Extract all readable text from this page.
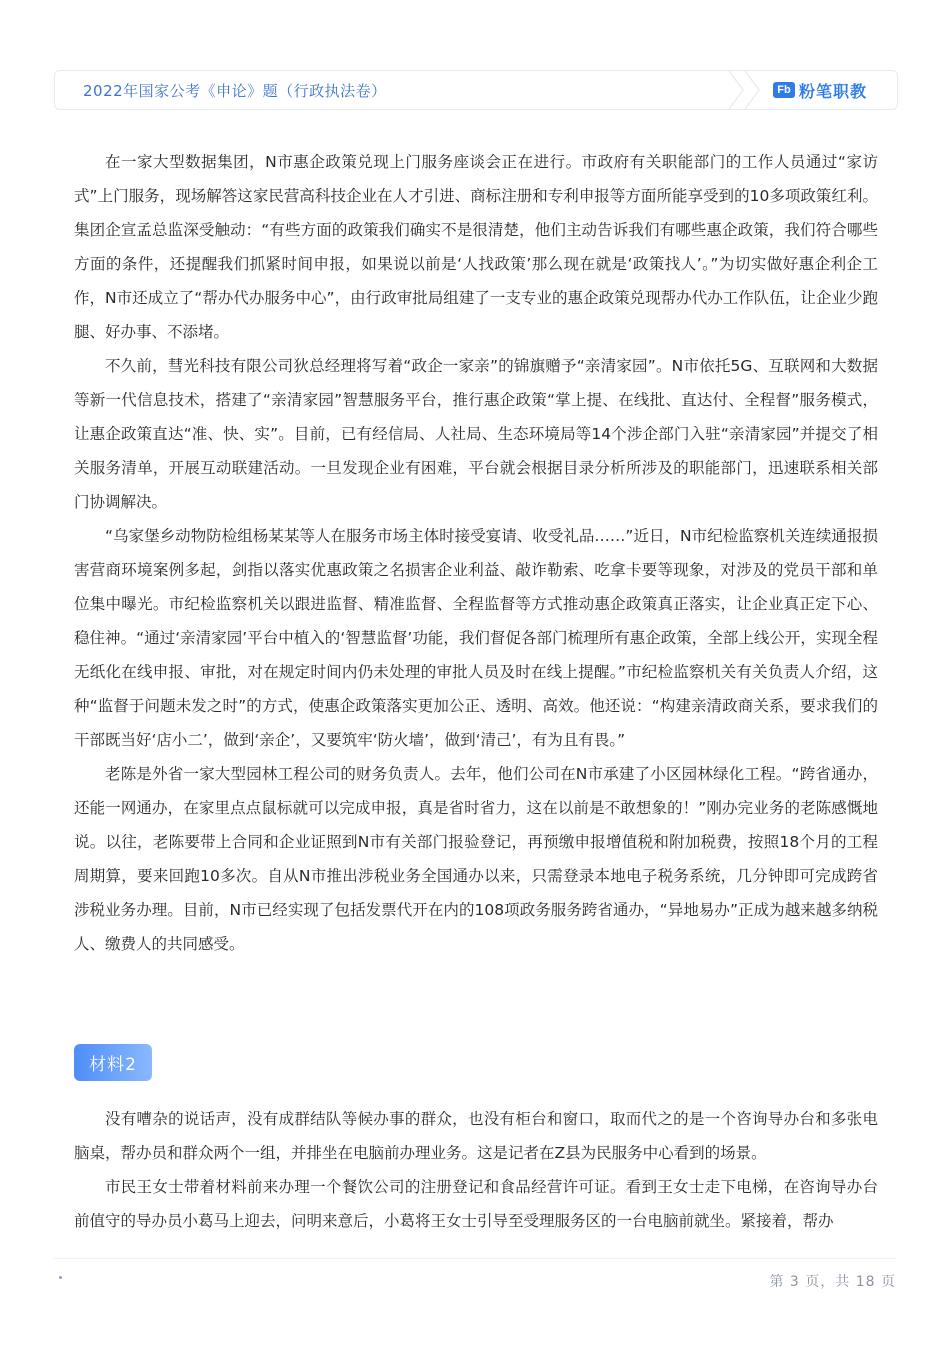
2022年国家公考《申论》题（行政执法卷）	Fb 粉笔职教

在一家大型数据集团，N市惠企政策兑现上门服务座谈会正在进行。市政府有关职能部门的工作人员通过“家访式”上门服务，现场解答这家民营高科技企业在人才引进、商标注册和专利申报等方面所能享受到的10多项政策红利。集团企宣孟总监深受触动：“有些方面的政策我们确实不是很清楚，他们主动告诉我们有哪些惠企政策，我们符合哪些方面的条件，还提醒我们抓紧时间申报，如果说以前是‘人找政策’那么现在就是‘政策找人’。”为切实做好惠企利企工作，N市还成立了“帮办代办服务中心”，由行政审批局组建了一支专业的惠企政策兑现帮办代办工作队伍，让企业少跑腿、好办事、不添堵。

不久前，彗光科技有限公司狄总经理将写着“政企一家亲”的锦旗赠予“亲清家园”。N市依托5G、互联网和大数据等新一代信息技术，搭建了“亲清家园”智慧服务平台，推行惠企政策“掌上提、在线批、直达付、全程督”服务模式，让惠企政策直达“准、快、实”。目前，已有经信局、人社局、生态环境局等14个涉企部门入驻“亲清家园”并提交了相关服务清单，开展互动联建活动。一旦发现企业有困难，平台就会根据目录分析所涉及的职能部门，迅速联系相关部门协调解决。

“乌家堡乡动物防检组杨某某等人在服务市场主体时接受宴请、收受礼品……”近日，N市纪检监察机关连续通报损害营商环境案例多起，剑指以落实优惠政策之名损害企业利益、敲诈勒索、吃拿卡要等现象，对涉及的党员干部和单位集中曝光。市纪检监察机关以跟进监督、精准监督、全程监督等方式推动惠企政策真正落实，让企业真正定下心、稳住神。“通过‘亲清家园’平台中植入的‘智慧监督’功能，我们督促各部门梳理所有惠企政策，全部上线公开，实现全程无纸化在线申报、审批，对在规定时间内仍未处理的审批人员及时在线上提醒。”市纪检监察机关有关负责人介绍，这种“监督于问题未发之时”的方式，使惠企政策落实更加公正、透明、高效。他还说：“构建亲清政商关系，要求我们的干部既当好‘店小二’，做到‘亲企’，又要筑牢‘防火墙’，做到‘清己’，有为且有畏。”

老陈是外省一家大型园林工程公司的财务负责人。去年，他们公司在N市承建了小区园林绿化工程。“跨省通办，还能一网通办，在家里点点鼠标就可以完成申报，真是省时省力，这在以前是不敢想象的！”刚办完业务的老陈感慨地说。以往，老陈要带上合同和企业证照到N市有关部门报验登记，再预缴申报增值税和附加税费，按照18个月的工程周期算，要来回跑10多次。自从N市推出涉税业务全国通办以来，只需登录本地电子税务系统，几分钟即可完成跨省涉税业务办理。目前，N市已经实现了包括发票代开在内的108项政务服务跨省通办，“异地易办”正成为越来越多纳税人、缴费人的共同感受。

材料2

没有嘈杂的说话声，没有成群结队等候办事的群众，也没有柜台和窗口，取而代之的是一个咨询导办台和多张电脑桌，帮办员和群众两个一组，并排坐在电脑前办理业务。这是记者在Z县为民服务中心看到的场景。

市民王女士带着材料前来办理一个餐饮公司的注册登记和食品经营许可证。看到王女士走下电梯，在咨询导办台前值守的导办员小葛马上迎去，问明来意后，小葛将王女士引导至受理服务区的一台电脑前就坐。紧接着，帮办

第 3 页，共 18 页
